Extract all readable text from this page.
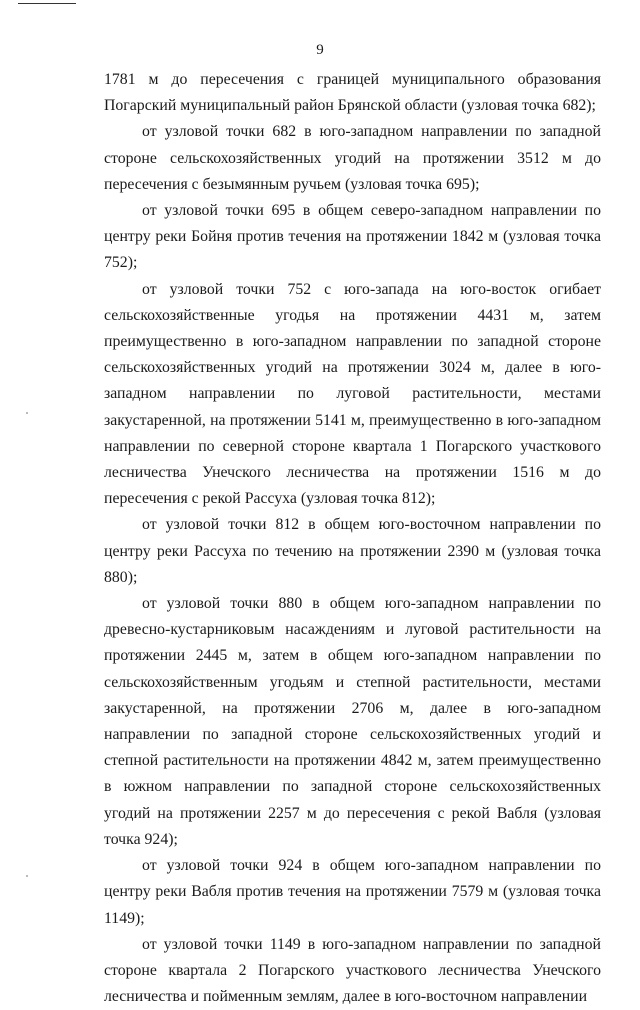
9

1781 м до пересечения с границей муниципального образования Погарский муниципальный район Брянской области (узловая точка 682);

от узловой точки 682 в юго-западном направлении по западной стороне сельскохозяйственных угодий на протяжении 3512 м до пересечения с безымянным ручьем (узловая точка 695);

от узловой точки 695 в общем северо-западном направлении по центру реки Бойня против течения на протяжении 1842 м (узловая точка 752);

от узловой точки 752 с юго-запада на юго-восток огибает сельскохозяйственные угодья на протяжении 4431 м, затем преимущественно в юго-западном направлении по западной стороне сельскохозяйственных угодий на протяжении 3024 м, далее в юго-западном направлении по луговой растительности, местами закустаренной, на протяжении 5141 м, преимущественно в юго-западном направлении по северной стороне квартала 1 Погарского участкового лесничества Унечского лесничества на протяжении 1516 м до пересечения с рекой Рассуха (узловая точка 812);

от узловой точки 812 в общем юго-восточном направлении по центру реки Рассуха по течению на протяжении 2390 м (узловая точка 880);

от узловой точки 880 в общем юго-западном направлении по древесно-кустарниковым насаждениям и луговой растительности на протяжении 2445 м, затем в общем юго-западном направлении по сельскохозяйственным угодьям и степной растительности, местами закустаренной, на протяжении 2706 м, далее в юго-западном направлении по западной стороне сельскохозяйственных угодий и степной растительности на протяжении 4842 м, затем преимущественно в южном направлении по западной стороне сельскохозяйственных угодий на протяжении 2257 м до пересечения с рекой Вабля (узловая точка 924);

от узловой точки 924 в общем юго-западном направлении по центру реки Вабля против течения на протяжении 7579 м (узловая точка 1149);

от узловой точки 1149 в юго-западном направлении по западной стороне квартала 2 Погарского участкового лесничества Унечского лесничества и пойменным землям, далее в юго-восточном направлении
